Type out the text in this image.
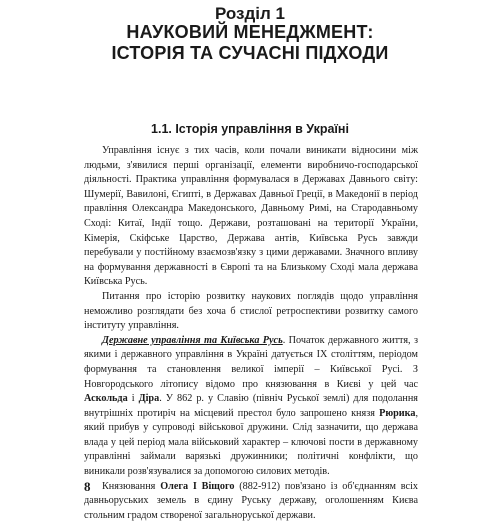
Розділ 1
НАУКОВИЙ МЕНЕДЖМЕНТ:
ІСТОРІЯ ТА СУЧАСНІ ПІДХОДИ
1.1. Історія управління в Україні

Управління існує з тих часів, коли почали виникати відносини між людьми, з'явилися перші організації, елементи виробничо-господарської діяльності. Практика управління формувалася в Державах Давнього світу: Шумерії, Вавилоні, Єгипті, в Державах Давньої Греції, в Македонії в період правління Олександра Македонського, Давньому Римі, на Стародавньому Сході: Китаї, Індії тощо. Держави, розташовані на території України, Кімерія, Скіфське Царство, Держава антів, Київська Русь завжди перебували у постійному взаємозв'язку з цими державами. Значного впливу на формування державності в Європі та на Близькому Сході мала держава Київська Русь.

Питання про історію розвитку наукових поглядів щодо управління неможливо розглядати без хоча б стислої ретроспективи розвитку самого інституту управління.

Державне управління та Київська Русь. Початок державного життя, з якими і державного управління в Україні датується IX століттям, періодом формування та становлення великої імперії – Київської Русі. З Новгородського літопису відомо про князювання в Києві у цей час Аскольда і Діра. У 862 р. у Славію (північ Руської землі) для подолання внутрішніх протиріч на місцевий престол було запрошено князя Рюрика, який прибув у супроводі військової дружини. Слід зазначити, що держава влада у цей період мала військовий характер – ключові пости в державному управлінні займали варязькі дружинники; політичні конфлікти, що виникали розв'язувалися за допомогою силових методів.

Князювання Олега І Віщого (882-912) пов'язано із об'єднанням всіх давньоруських земель в єдину Руську державу, оголошенням Києва стольним градом створеної загальноруської держави.

8
